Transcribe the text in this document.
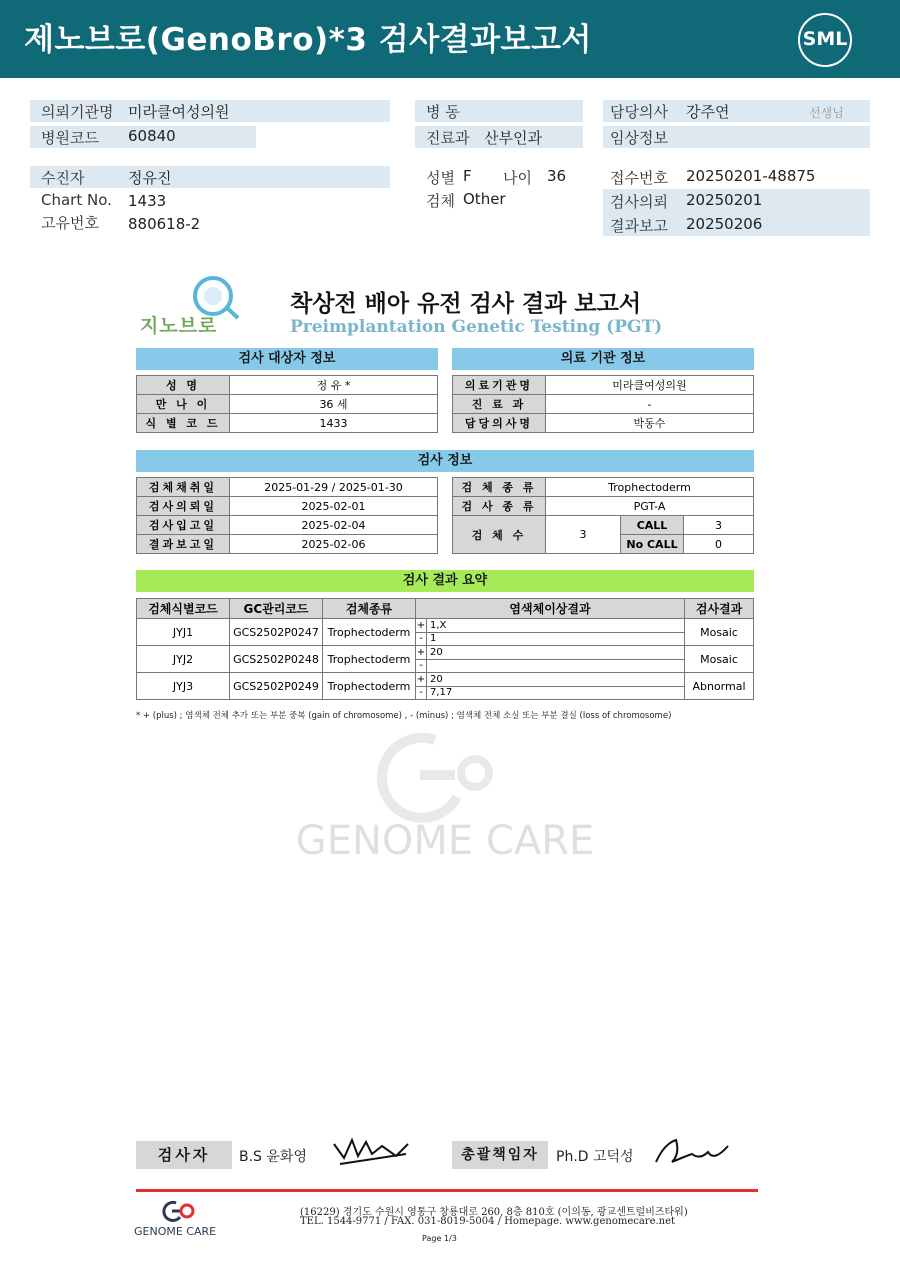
제노브로(GenoBro)*3 검사결과보고서	SML
의뢰기관명 미라클여성의원
병원코드 60840
병 동
진료과 산부인과
담당의사 강주연	선생님
임상정보
수진자	정유진
Chart No. 1433
고유번호 880618-2
성별 F 나이 36
검체 Other
접수번호 20250201-48875
검사의뢰 20250201
결과보고 20250206
지노브로
착상전 배아 유전 검사 결과 보고서
Preimplantation Genetic Testing (PGT)
검사 대상자 정보	의료 기관 정보
성 명	정 유 *
만 나 이	36 세
식 별 코 드	1433
의료기관명	미라클여성의원
진 료 과	-
담당의사명	박동수
검사 정보
검체채취일	2025-01-29 / 2025-01-30
검사의뢰일	2025-02-01
검사입고일	2025-02-04
결과보고일	2025-02-06
검 체 종 류	Trophectoderm		
검 사 종 류	PGT-A		
검 체 수	3	CALL	3
		No CALL	0
검사 결과 요약
검체식별코드	GC관리코드	검체종류	염색체이상결과	검사결과
JYJ1	GCS2502P0247	Trophectoderm	+ 1,X
- 1	Mosaic
JYJ2	GCS2502P0248	Trophectoderm	+ 20
-	Mosaic
JYJ3	GCS2502P0249	Trophectoderm	+ 20
- 7,17	Abnormal
* + (plus) ; 염색체 전체 추가 또는 부분 중복 (gain of chromosome) , - (minus) ; 염색체 전체 소실 또는 부분 결실 (loss of chromosome)
GENOME CARE
검사자	B.S 윤화영	총괄책임자	Ph.D 고덕성
GENOME CARE
(16229) 경기도 수원시 영통구 창룡대로 260, 8층 810호 (이의동, 광교센트럴비즈타워)
TEL. 1544-9771 / FAX. 031-8019-5004 / Homepage. www.genomecare.net
Page 1/3
